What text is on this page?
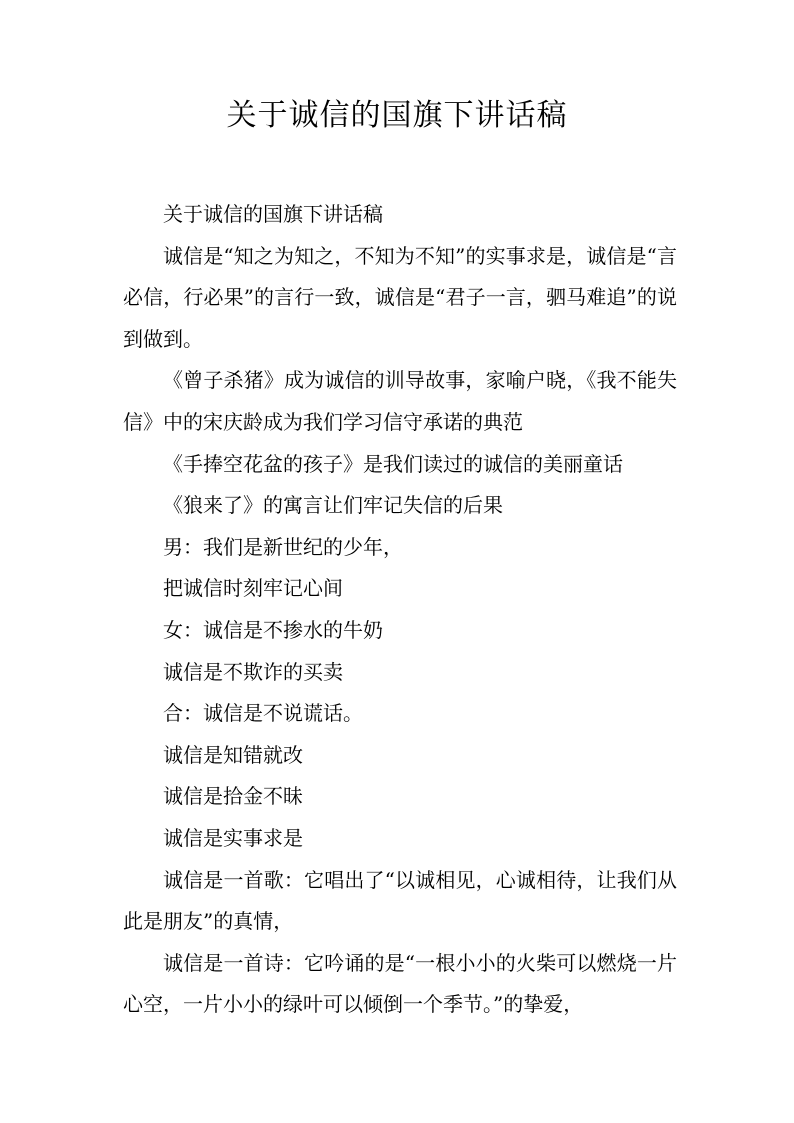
关于诚信的国旗下讲话稿

关于诚信的国旗下讲话稿

诚信是“知之为知之，不知为不知”的实事求是，诚信是“言必信，行必果”的言行一致，诚信是“君子一言，驷马难追”的说到做到。

《曾子杀猪》成为诚信的训导故事，家喻户晓，《我不能失信》中的宋庆龄成为我们学习信守承诺的典范

《手捧空花盆的孩子》是我们读过的诚信的美丽童话

《狼来了》的寓言让们牢记失信的后果

男：我们是新世纪的少年，

把诚信时刻牢记心间

女：诚信是不掺水的牛奶

诚信是不欺诈的买卖

合：诚信是不说谎话。

诚信是知错就改

诚信是拾金不昧

诚信是实事求是

诚信是一首歌：它唱出了“以诚相见，心诚相待，让我们从此是朋友”的真情，

诚信是一首诗：它吟诵的是“一根小小的火柴可以燃烧一片心空，一片小小的绿叶可以倾倒一个季节。”的挚爱，
